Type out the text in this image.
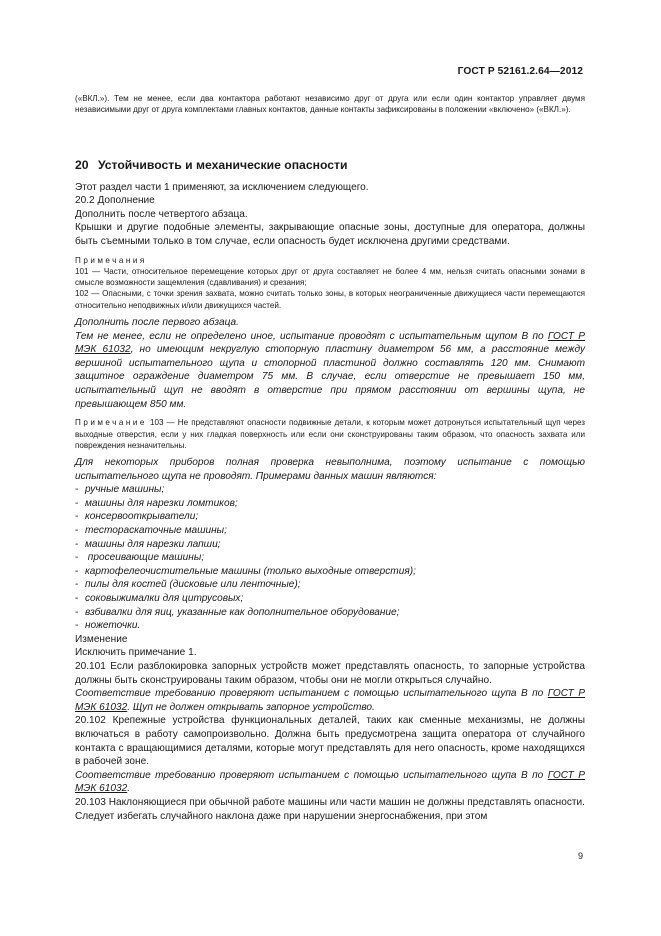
ГОСТ Р 52161.2.64—2012

(«ВКЛ.»). Тем не менее, если два контактора работают независимо друг от друга или если один контактор управляет двумя независимыми друг от друга комплектами главных контактов, данные контакты зафиксированы в положении «включено» («ВКЛ.»).

20 Устойчивость и механические опасности

Этот раздел части 1 применяют, за исключением следующего.

20.2 Дополнение

Дополнить после четвертого абзаца.

Крышки и другие подобные элементы, закрывающие опасные зоны, доступные для оператора, должны быть съемными только в том случае, если опасность будет исключена другими средствами.

Примечания

101 — Части, относительное перемещение которых друг от друга составляет не более 4 мм, нельзя считать опасными зонами в смысле возможности защемления (сдавливания) и срезания;

102 — Опасными, с точки зрения захвата, можно считать только зоны, в которых неограниченные движущиеся части перемещаются относительно неподвижных и/или движущихся частей.

Дополнить после первого абзаца.

Тем не менее, если не определено иное, испытание проводят с испытательным щупом B по ГОСТ Р МЭК 61032, но имеющим некруглую стопорную пластину диаметром 56 мм, а расстояние между вершиной испытательного щупа и стопорной пластиной должно составлять 120 мм. Снимают защитное ограждение диаметром 75 мм. В случае, если отверстие не превышает 150 мм, испытательный щуп не вводят в отверстие при прямом расстоянии от вершины щупа, не превышающем 850 мм.

Примечание 103 — Не представляют опасности подвижные детали, к которым может дотронуться испытательный щуп через выходные отверстия, если у них гладкая поверхность или если они сконструированы таким образом, что опасность захвата или повреждения незначительны.

Для некоторых приборов полная проверка невыполнима, поэтому испытание с помощью испытательного щупа не проводят. Примерами данных машин являются:

- ручные машины;
- машины для нарезки ломтиков;
- консервооткрыватели;
- тестораскаточные машины;
- машины для нарезки лапши;
- просеивающие машины;
- картофелеочистительные машины (только выходные отверстия);
- пилы для костей (дисковые или ленточные);
- соковыжималки для цитрусовых;
- взбивалки для яиц, указанные как дополнительное оборудование;
- ножеточки.

Изменение

Исключить примечание 1.

20.101 Если разблокировка запорных устройств может представлять опасность, то запорные устройства должны быть сконструированы таким образом, чтобы они не могли открыться случайно.

Соответствие требованию проверяют испытанием с помощью испытательного щупа B по ГОСТ Р МЭК 61032. Щуп не должен открывать запорное устройство.

20.102 Крепежные устройства функциональных деталей, таких как сменные механизмы, не должны включаться в работу самопроизвольно. Должна быть предусмотрена защита оператора от случайного контакта с вращающимися деталями, которые могут представлять для него опасность, кроме находящихся в рабочей зоне.

Соответствие требованию проверяют испытанием с помощью испытательного щупа B по ГОСТ Р МЭК 61032.

20.103 Наклоняющиеся при обычной работе машины или части машин не должны представлять опасности. Следует избегать случайного наклона даже при нарушении энергоснабжения, при этом

9
